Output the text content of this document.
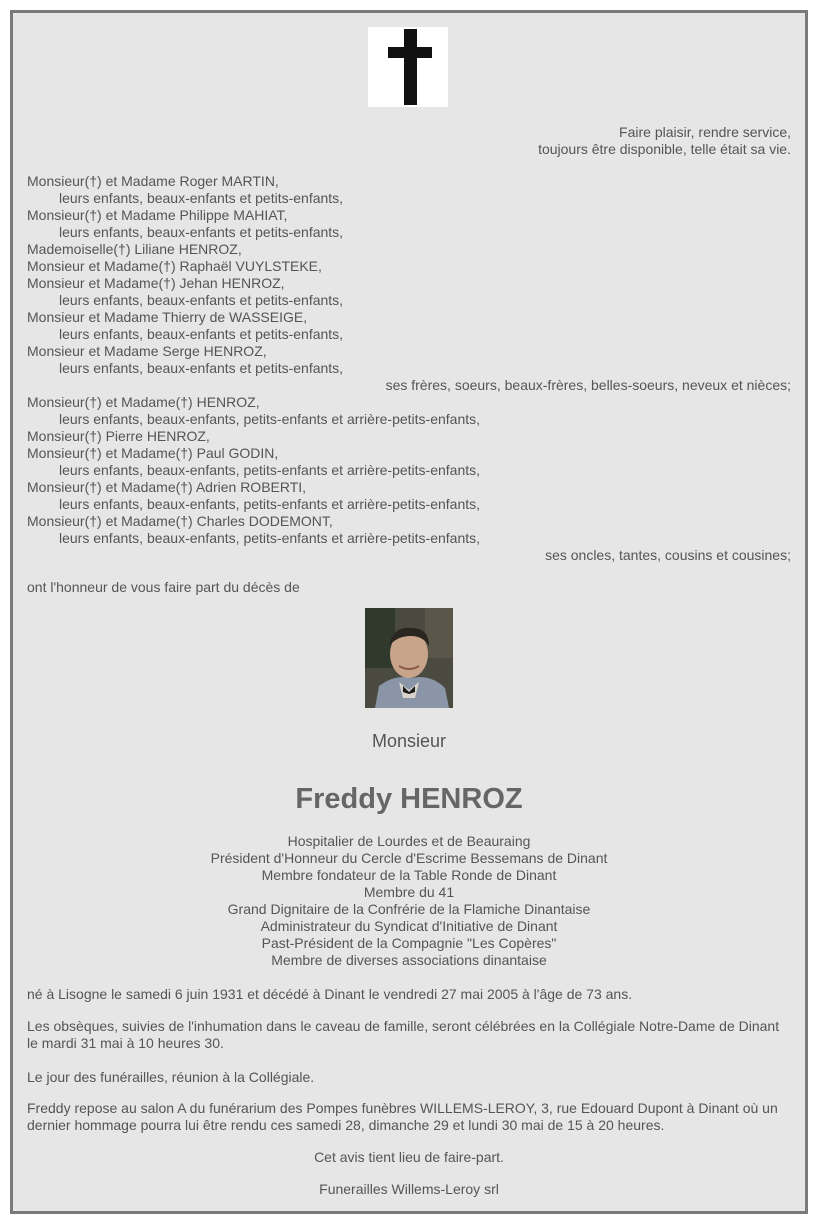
Faire plaisir, rendre service,
toujours être disponible, telle était sa vie.
Monsieur(†) et Madame Roger MARTIN,
leurs enfants, beaux-enfants et petits-enfants,
Monsieur(†) et Madame Philippe MAHIAT,
leurs enfants, beaux-enfants et petits-enfants,
Mademoiselle(†) Liliane HENROZ,
Monsieur et Madame(†) Raphaël VUYLSTEKE,
Monsieur et Madame(†) Jehan HENROZ,
leurs enfants, beaux-enfants et petits-enfants,
Monsieur et Madame Thierry de WASSEIGE,
leurs enfants, beaux-enfants et petits-enfants,
Monsieur et Madame Serge HENROZ,
leurs enfants, beaux-enfants et petits-enfants,
ses frères, soeurs, beaux-frères, belles-soeurs, neveux et nièces;
Monsieur(†) et Madame(†) HENROZ,
leurs enfants, beaux-enfants, petits-enfants et arrière-petits-enfants,
Monsieur(†) Pierre HENROZ,
Monsieur(†) et Madame(†) Paul GODIN,
leurs enfants, beaux-enfants, petits-enfants et arrière-petits-enfants,
Monsieur(†) et Madame(†) Adrien ROBERTI,
leurs enfants, beaux-enfants, petits-enfants et arrière-petits-enfants,
Monsieur(†) et Madame(†) Charles DODEMONT,
leurs enfants, beaux-enfants, petits-enfants et arrière-petits-enfants,
ses oncles, tantes, cousins et cousines;
ont l'honneur de vous faire part du décès de
Monsieur
Freddy HENROZ
Hospitalier de Lourdes et de Beauraing
Président d'Honneur du Cercle d'Escrime Bessemans de Dinant
Membre fondateur de la Table Ronde de Dinant
Membre du 41
Grand Dignitaire de la Confrérie de la Flamiche Dinantaise
Administrateur du Syndicat d'Initiative de Dinant
Past-Président de la Compagnie "Les Copères"
Membre de diverses associations dinantaise
né à Lisogne le samedi 6 juin 1931 et décédé à Dinant le vendredi 27 mai 2005 à l'âge de 73 ans.
Les obsèques, suivies de l'inhumation dans le caveau de famille, seront célébrées en la Collégiale Notre-Dame de Dinant le mardi 31 mai à 10 heures 30.
Le jour des funérailles, réunion à la Collégiale.
Freddy repose au salon A du funérarium des Pompes funèbres WILLEMS-LEROY, 3, rue Edouard Dupont à Dinant où un dernier hommage pourra lui être rendu ces samedi 28, dimanche 29 et lundi 30 mai de 15 à 20 heures.
Cet avis tient lieu de faire-part.
Funerailles Willems-Leroy srl
